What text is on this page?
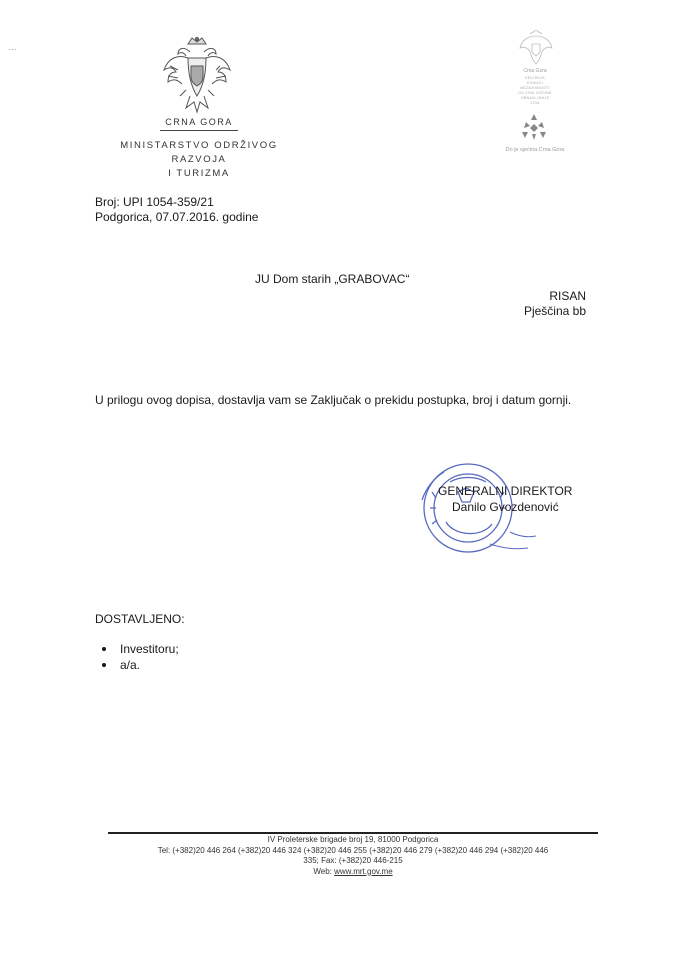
·-·
CRNA GORA
MINISTARSTVO ODRŽIVOG RAZVOJA
I TURIZMA
Crna Gora
SEDIŠNJA
DOMAĆI
NEZAVISNOSTI
OD 2006 GODINE
OBNAVLJANJE
2018
Do je sjećina Crna Gora
Broj: UPI 1054-359/21
Podgorica, 07.07.2016. godine
JU Dom starih „GRABOVAC“
RISAN
Pješčina bb
U prilogu ovog dopisa, dostavlja vam se Zaključak o prekidu postupka, broj i datum gornji.
GENERALNI DIREKTOR
Danilo Gvozdenović
DOSTAVLJENO:
Investitoru;
a/a.
IV Proleterske brigade broj 19, 81000 Podgorica
Tel: (+382)20 446 264 (+382)20 446 324 (+382)20 446 255 (+382)20 446 279 (+382)20 446 294 (+382)20 446
335; Fax: (+382)20 446-215
Web: www.mrt.gov.me
